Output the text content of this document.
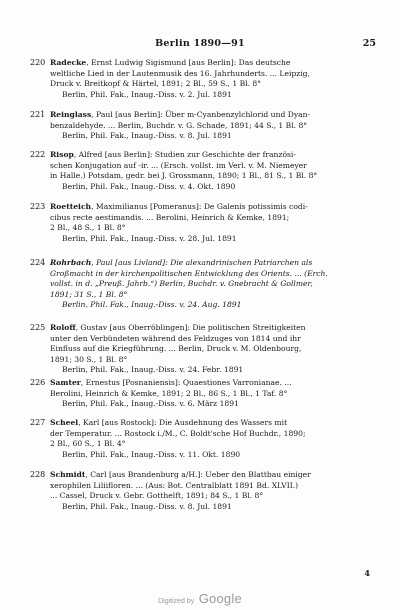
Berlin 1890—91	25
220 Radecke, Ernst Ludwig Sigismund [aus Berlin]: Das deutsche
weltliche Lied in der Lautenmusik des 16. Jahrhunderts. ... Leipzig,
Druck v. Breitkopf & Härtel, 1891; 2 Bl., 59 S., 1 Bl. 8°
Berlin, Phil. Fak., Inaug.-Diss. v. 2. Jul. 1891
221 Reinglass, Paul [aus Berlin]: Über m-Cyanbenzylchlorid und Dyan-
benzaldehyde. ... Berlin, Buchdr. v. G. Schade, 1891; 44 S., 1 Bl. 8°
Berlin, Phil. Fak., Inaug.-Diss. v. 8. Jul. 1891
222 Risop, Alfred [aus Berlin]: Studien zur Geschichte der französi-
schen Konjugation auf -ir. ... (Ersch. vollst. im Verl. v. M. Niemeyer
in Halle.) Potsdam, gedr. bei J. Grossmann, 1890; 1 Bl., 81 S., 1 Bl. 8°
Berlin, Phil. Fak., Inaug.-Diss. v. 4. Okt. 1890
223 Roetteich, Maximilianus [Pomeranus]: De Galenis potissimis codi-
cibus recte aestimandis. ... Berolini, Heinrich & Kemke, 1891;
2 Bl., 48 S., 1 Bl. 8°
Berlin, Phil. Fak., Inaug.-Diss. v. 28. Jul. 1891
224 Rohrbach, Paul [aus Livland]: Die alexandrinischen Patriarchen als
Großmacht in der kirchenpolitischen Entwicklung des Orients. ... (Erch.
vollst. in d. „Preuß. Jahrb.“) Berlin, Buchdr. v. Gnebracht & Gollmer,
1891; 31 S., 1 Bl. 8°
Berlin, Phil. Fak., Inaug.-Diss. v. 24. Aug. 1891
225 Roloff, Gustav [aus Oberröblingen]: Die politischen Streitigkeiten
unter den Verbündeten während des Feldzuges von 1814 und ihr
Einfluss auf die Kriegführung. ... Berlin, Druck v. M. Oldenbourg,
1891; 30 S., 1 Bl. 8°
Berlin, Phil. Fak., Inaug.-Diss. v. 24. Febr. 1891
226 Samter, Ernestus [Posnaniensis]: Quaestiones Varronianae. ...
Berolini, Heinrich & Kemke, 1891; 2 Bl., 86 S., 1 Bl., 1 Taf. 8°
Berlin, Phil. Fak., Inaug.-Diss. v. 6. März 1891
227 Scheel, Karl [aus Rostock]: Die Ausdehnung des Wassers mit
der Temperatur. ... Rostock i./M., C. Boldt'sche Hof Buchdr., 1890;
2 Bl., 60 S., 1 Bl. 4°
Berlin, Phil. Fak., Inaug.-Diss. v. 11. Okt. 1890
228 Schmidt, Carl [aus Brandenburg a/H.]: Ueber den Blattbau einiger
xerophilen Liliifloren. ... (Aus: Bot. Centralblatt 1891 Bd. XLVII.)
... Cassel, Druck v. Gebr. Gotthelft, 1891; 84 S., 1 Bl. 8°
Berlin, Phil. Fak., Inaug.-Diss. v. 8. Jul. 1891
4
Digitized by Google
